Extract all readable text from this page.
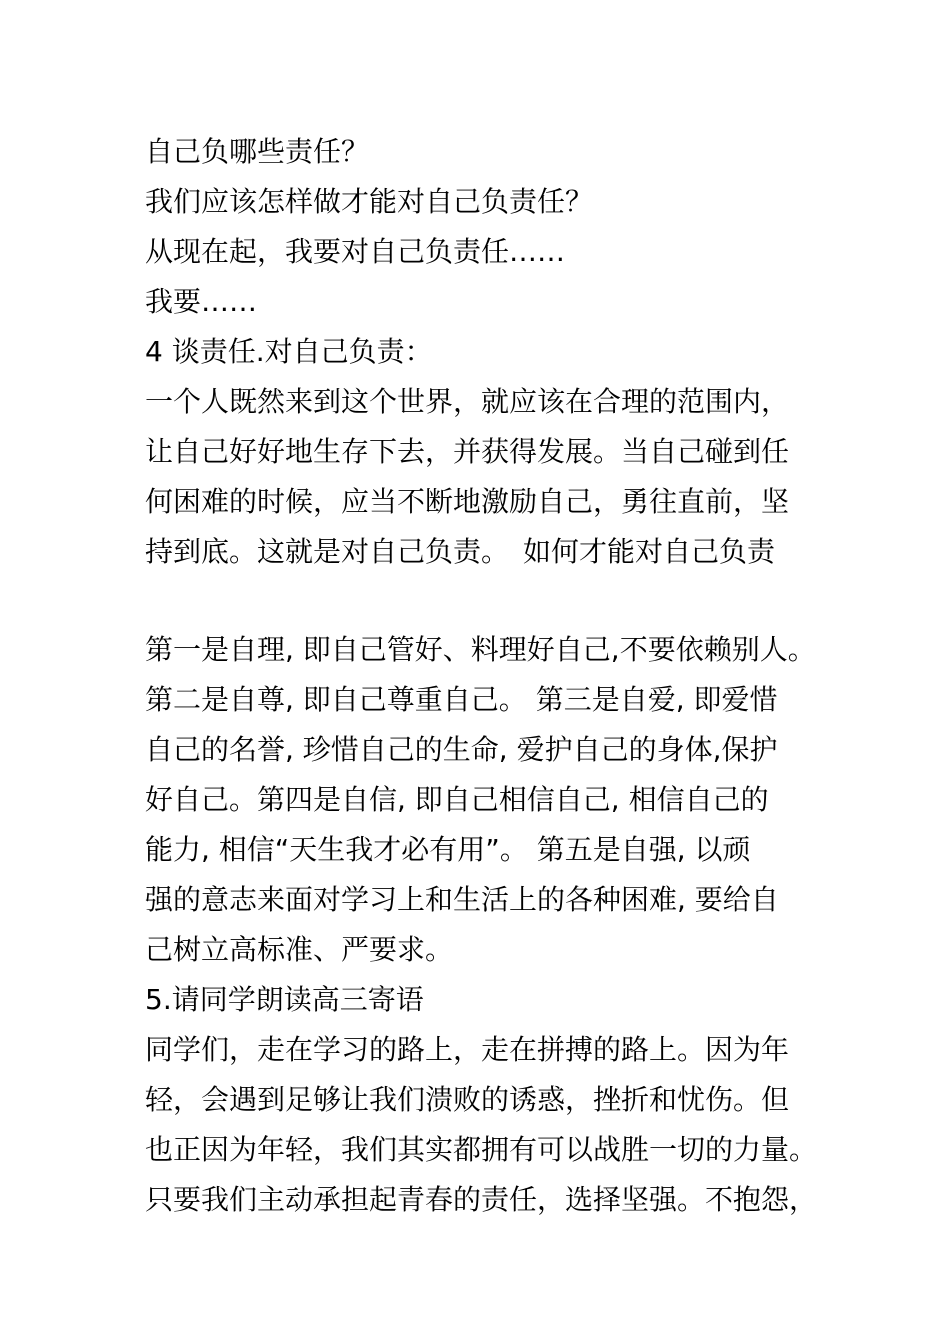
自己负哪些责任？
我们应该怎样做才能对自己负责任？
从现在起，我要对自己负责任……
我要……
4 谈责任.对自己负责：
一个人既然来到这个世界，就应该在合理的范围内，
让自己好好地生存下去，并获得发展。当自己碰到任
何困难的时候，应当不断地激励自己，勇往直前，坚
持到底。这就是对自己负责。　如何才能对自己负责
第一是自理, 即自己管好、料理好自己,不要依赖别人。
第二是自尊, 即自己尊重自己。 第三是自爱, 即爱惜
自己的名誉, 珍惜自己的生命, 爱护自己的身体,保护
好自己。第四是自信, 即自己相信自己, 相信自己的
能力, 相信“天生我才必有用”。 第五是自强, 以顽
强的意志来面对学习上和生活上的各种困难, 要给自
己树立高标准、严要求。
5.请同学朗读高三寄语
同学们，走在学习的路上，走在拼搏的路上。因为年
轻，会遇到足够让我们溃败的诱惑，挫折和忧伤。但
也正因为年轻，我们其实都拥有可以战胜一切的力量。
只要我们主动承担起青春的责任，选择坚强。不抱怨，
